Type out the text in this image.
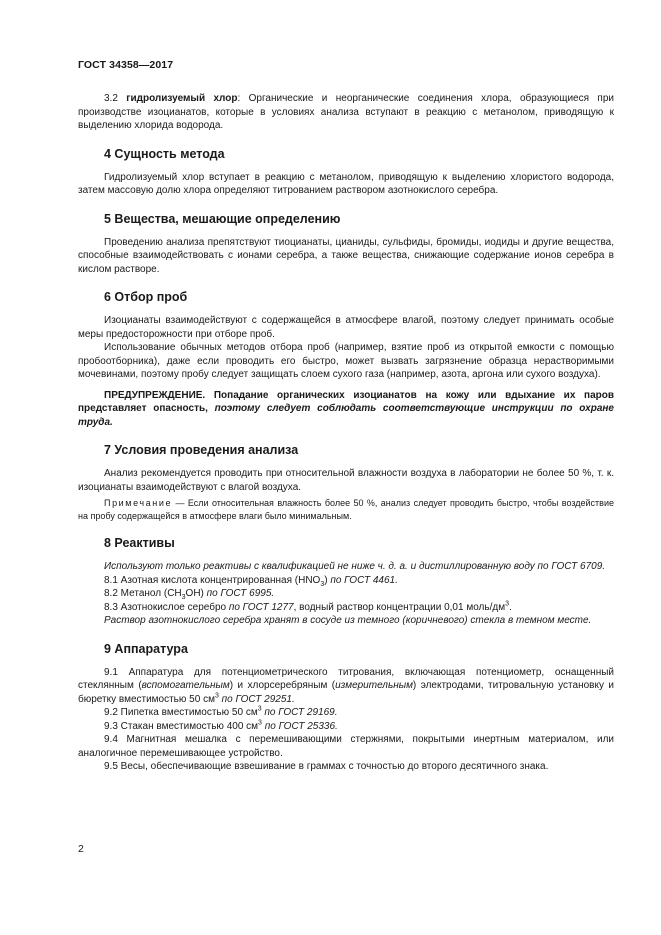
ГОСТ 34358—2017

3.2 гидролизуемый хлор: Органические и неорганические соединения хлора, образующиеся при производстве изоцианатов, которые в условиях анализа вступают в реакцию с метанолом, приводящую к выделению хлорида водорода.

4 Сущность метода

Гидролизуемый хлор вступает в реакцию с метанолом, приводящую к выделению хлористого водорода, затем массовую долю хлора определяют титрованием раствором азотнокислого серебра.

5 Вещества, мешающие определению

Проведению анализа препятствуют тиоцианаты, цианиды, сульфиды, бромиды, иодиды и другие вещества, способные взаимодействовать с ионами серебра, а также вещества, снижающие содержание ионов серебра в кислом растворе.

6 Отбор проб

Изоцианаты взаимодействуют с содержащейся в атмосфере влагой, поэтому следует принимать особые меры предосторожности при отборе проб.

Использование обычных методов отбора проб (например, взятие проб из открытой емкости с помощью пробоотборника), даже если проводить его быстро, может вызвать загрязнение образца нерастворимыми мочевинами, поэтому пробу следует защищать слоем сухого газа (например, азота, аргона или сухого воздуха).

ПРЕДУПРЕЖДЕНИЕ. Попадание органических изоцианатов на кожу или вдыхание их паров представляет опасность, поэтому следует соблюдать соответствующие инструкции по охране труда.

7 Условия проведения анализа

Анализ рекомендуется проводить при относительной влажности воздуха в лаборатории не более 50 %, т. к. изоцианаты взаимодействуют с влагой воздуха.

Примечание — Если относительная влажность более 50 %, анализ следует проводить быстро, чтобы воздействие на пробу содержащейся в атмосфере влаги было минимальным.

8 Реактивы

Используют только реактивы с квалификацией не ниже ч. д. а. и дистиллированную воду по ГОСТ 6709.

8.1 Азотная кислота концентрированная $(HNO_3)$ по ГОСТ 4461.

8.2 Метанол $(CH_3OH)$ по ГОСТ 6995.

8.3 Азотнокислое серебро по ГОСТ 1277, водный раствор концентрации 0,01 моль/$дм^3$.

Раствор азотнокислого серебра хранят в сосуде из темного (коричневого) стекла в темном месте.

9 Аппаратура

9.1 Аппаратура для потенциометрического титрования, включающая потенциометр, оснащенный стеклянным (вспомогательным) и хлорсеребряным (измерительным) электродами, титровальную установку и бюретку вместимостью 50 $см^3$ по ГОСТ 29251.

9.2 Пипетка вместимостью 50 $см^3$ по ГОСТ 29169.

9.3 Стакан вместимостью 400 $см^3$ по ГОСТ 25336.

9.4 Магнитная мешалка с перемешивающими стержнями, покрытыми инертным материалом, или аналогичное перемешивающее устройство.

9.5 Весы, обеспечивающие взвешивание в граммах с точностью до второго десятичного знака.

2
